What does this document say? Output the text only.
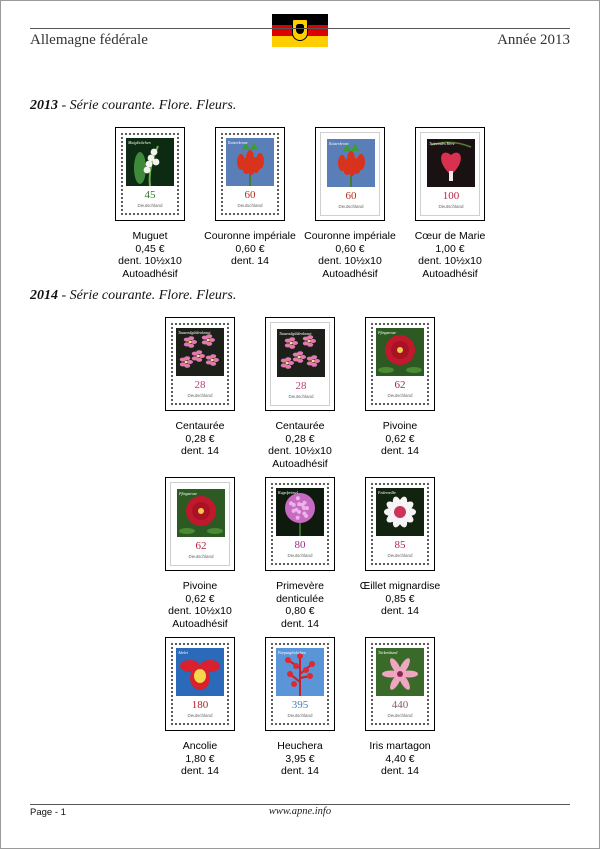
Allemagne fédérale	Année 2013
2013 - Série courante. Flore. Fleurs.
2014 - Série courante. Flore. Fleurs.
Maiglöckchen
45
Deutschland
Muguet
0,45 €
dent. 10½x10
Autoadhésif
Kaiserkrone
60
Deutschland
Couronne impériale
0,60 €
dent. 14
Kaiserkrone
60
Deutschland
Couronne impériale
0,60 €
dent. 10½x10
Autoadhésif
Tränendes Herz
100
Deutschland
Cœur de Marie
1,00 €
dent. 10½x10
Autoadhésif
Tausendgüldenkraut
28
Deutschland
Centaurée
0,28 €
dent. 14
Tausendgüldenkraut
28
Deutschland
Centaurée
0,28 €
dent. 10½x10
Autoadhésif
Pfingstrose
62
Deutschland
Pivoine
0,62 €
dent. 14
Pfingstrose
62
Deutschland
Pivoine
0,62 €
dent. 10½x10
Autoadhésif
Kugelprimel
80
Deutschland
Primevère
denticulée
0,80 €
dent. 14
Federnelke
85
Deutschland
Œillet mignardise
0,85 €
dent. 14
Akelei
180
Deutschland
Ancolie
1,80 €
dent. 14
Purpurglöckchen
395
Deutschland
Heuchera
3,95 €
dent. 14
Türkenbund
440
Deutschland
Iris martagon
4,40 €
dent. 14
Page - 1	www.apne.info
